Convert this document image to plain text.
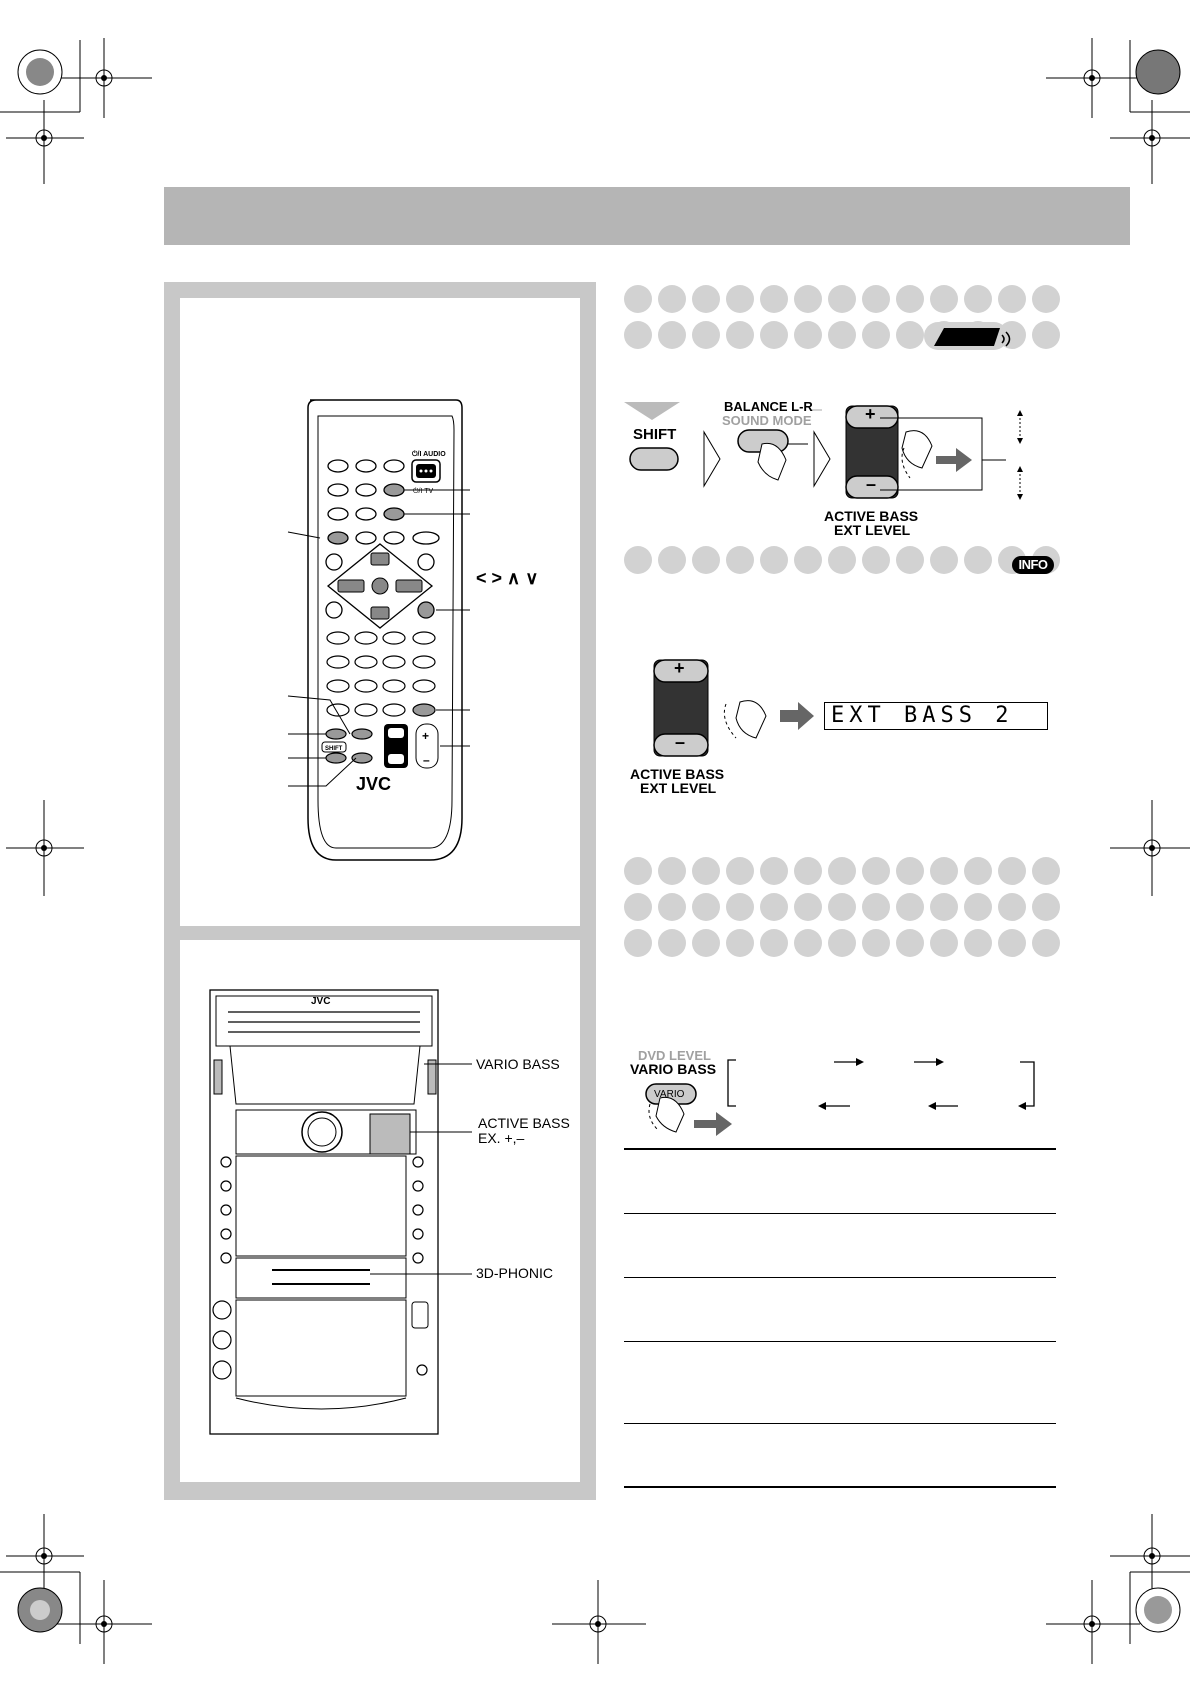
⏻/I AUDIO
⏻/I TV
+
–
SHIFT
JVC
< > ∧ ∨
JVC
VARIO BASS
ACTIVE BASS
EX. +,–
3D-PHONIC
SHIFT
BALANCE L-R
SOUND MODE	+
–
ACTIVE BASS
EXT LEVEL
INFO
+
–
ACTIVE BASS
EXT LEVEL
EXT BASS 2
DVD LEVEL
VARIO BASS
VARIO
